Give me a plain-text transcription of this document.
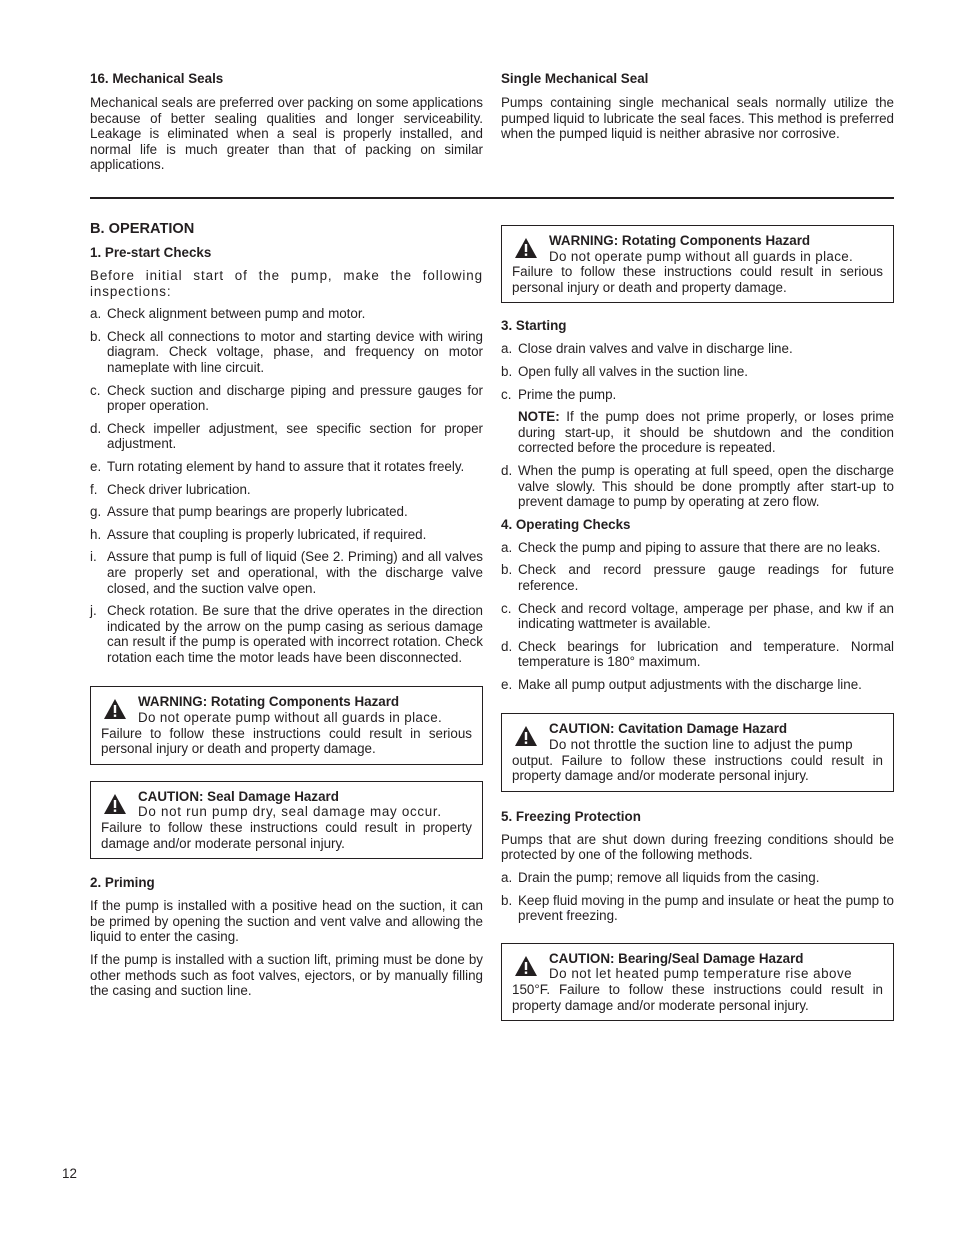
16. Mechanical Seals

Mechanical seals are preferred over packing on some applications because of better sealing qualities and longer serviceability. Leakage is eliminated when a seal is properly installed, and normal life is much greater than that of packing on similar applications.

Single Mechanical Seal

Pumps containing single mechanical seals normally utilize the pumped liquid to lubricate the seal faces. This method is preferred when the pumped liquid is neither abrasive nor corrosive.

B. OPERATION

1. Pre-start Checks

Before initial start of the pump, make the following inspections:

a. Check alignment between pump and motor.
b. Check all connections to motor and starting device with wiring diagram. Check voltage, phase, and frequency on motor nameplate with line circuit.
c. Check suction and discharge piping and pressure gauges for proper operation.
d. Check impeller adjustment, see specific section for proper adjustment.
e. Turn rotating element by hand to assure that it rotates freely.
f. Check driver lubrication.
g. Assure that pump bearings are properly lubricated.
h. Assure that coupling is properly lubricated, if required.
i. Assure that pump is full of liquid (See 2. Priming) and all valves are properly set and operational, with the discharge valve closed, and the suction valve open.
j. Check rotation. Be sure that the drive operates in the direction indicated by the arrow on the pump casing as serious damage can result if the pump is operated with incorrect rotation. Check rotation each time the motor leads have been disconnected.
WARNING: Rotating Components Hazard
Do not operate pump without all guards in place.
Failure to follow these instructions could result in serious personal injury or death and property damage.
CAUTION: Seal Damage Hazard
Do not run pump dry, seal damage may occur.
Failure to follow these instructions could result in property damage and/or moderate personal injury.

2. Priming

If the pump is installed with a positive head on the suction, it can be primed by opening the suction and vent valve and allowing the liquid to enter the casing.

If the pump is installed with a suction lift, priming must be done by other methods such as foot valves, ejectors, or by manually filling the casing and suction line.

WARNING: Rotating Components Hazard
Do not operate pump without all guards in place.
Failure to follow these instructions could result in serious personal injury or death and property damage.

3. Starting

a. Close drain valves and valve in discharge line.
b. Open fully all valves in the suction line.
c. Prime the pump.
NOTE: If the pump does not prime properly, or loses prime during start-up, it should be shutdown and the condition corrected before the procedure is repeated.
d. When the pump is operating at full speed, open the discharge valve slowly. This should be done promptly after start-up to prevent damage to pump by operating at zero flow.

4. Operating Checks

a. Check the pump and piping to assure that there are no leaks.
b. Check and record pressure gauge readings for future reference.
c. Check and record voltage, amperage per phase, and kw if an indicating wattmeter is available.
d. Check bearings for lubrication and temperature. Normal temperature is 180° maximum.
e. Make all pump output adjustments with the discharge line.
CAUTION: Cavitation Damage Hazard
Do not throttle the suction line to adjust the pump
output. Failure to follow these instructions could result in property damage and/or moderate personal injury.

5. Freezing Protection

Pumps that are shut down during freezing conditions should be protected by one of the following methods.

a. Drain the pump; remove all liquids from the casing.
b. Keep fluid moving in the pump and insulate or heat the pump to prevent freezing.
CAUTION: Bearing/Seal Damage Hazard
Do not let heated pump temperature rise above
150°F. Failure to follow these instructions could result in property damage and/or moderate personal injury.
12
